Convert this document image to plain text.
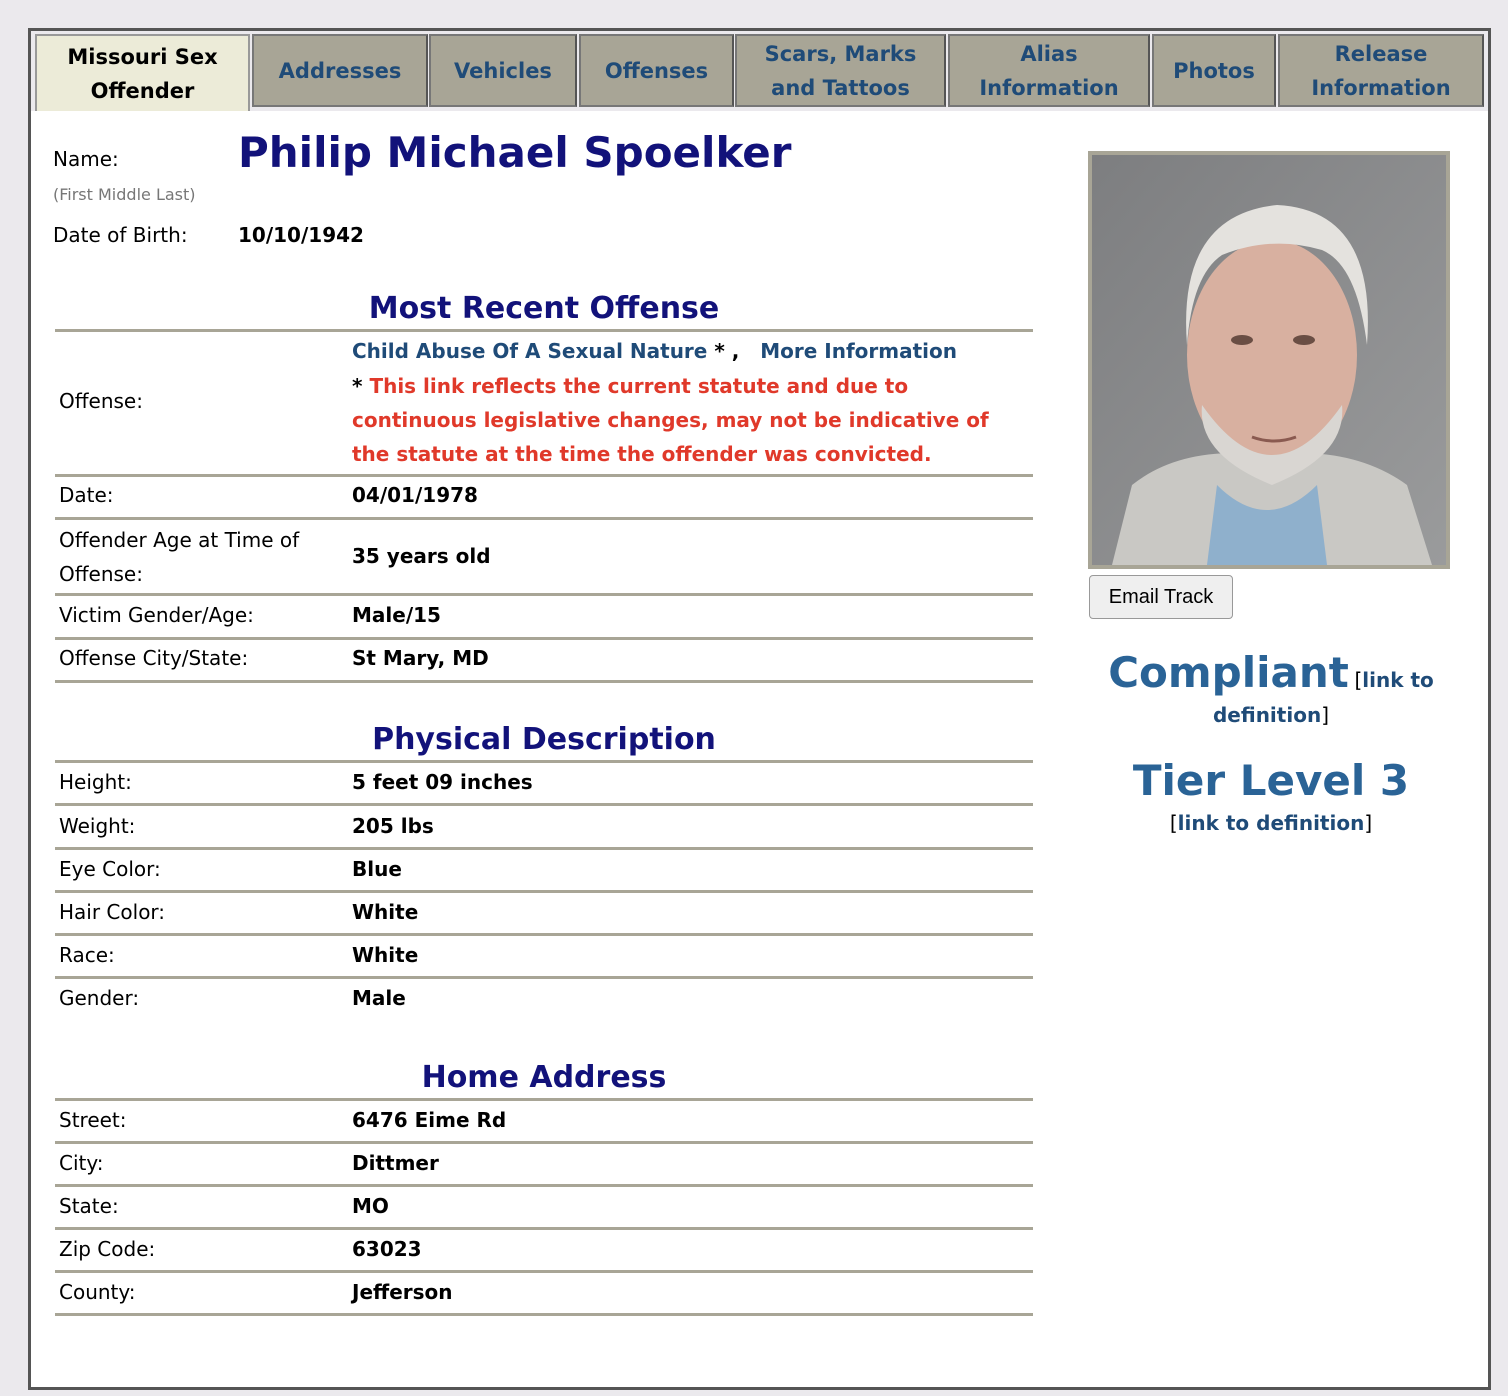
Missouri Sex
Offender
Addresses	Vehicles	Offenses
Scars, Marks
and Tattoos
Alias
Information
Photos
Release
Information
Name:
(First Middle Last)
Philip Michael Spoelker
Date of Birth:	10/10/1942
Most Recent Offense
Offense:
Child Abuse Of A Sexual Nature * , More Information
* This link reflects the current statute and due to continuous legislative changes, may not be indicative of the statute at the time the offender was convicted.
Date:	04/01/1978
Offender Age at Time of Offense:
35 years old
Victim Gender/Age:	Male/15
Offense City/State:	St Mary, MD
Physical Description
Height:	5 feet 09 inches
Weight:	205 lbs
Eye Color:	Blue
Hair Color:	White
Race:	White
Gender:	Male
Home Address
Street:	6476 Eime Rd
City:	Dittmer
State:	MO
Zip Code:	63023
County:	Jefferson
Email Track
Compliant [link to
definition]
Tier Level 3
[link to definition]
